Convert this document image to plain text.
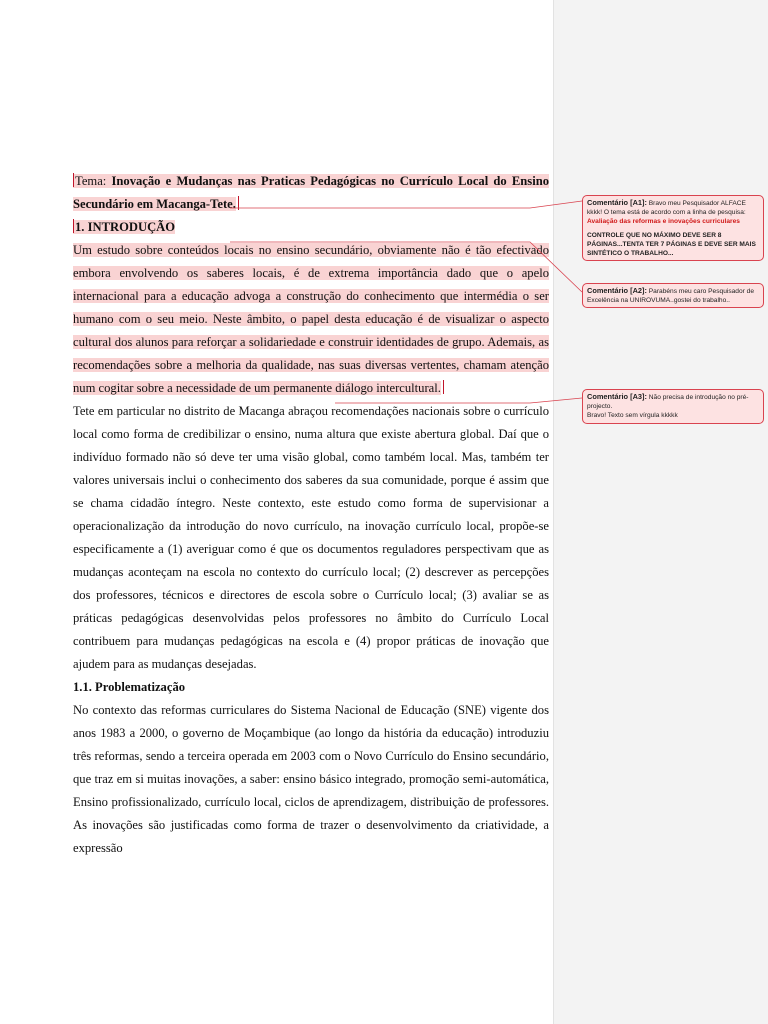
Tema: Inovação e Mudanças nas Praticas Pedagógicas no Currículo Local do Ensino Secundário em Macanga-Tete.

1. INTRODUÇÃO

Um estudo sobre conteúdos locais no ensino secundário, obviamente não é tão efectivado embora envolvendo os saberes locais, é de extrema importância dado que o apelo internacional para a educação advoga a construção do conhecimento que intermédia o ser humano com o seu meio. Neste âmbito, o papel desta educação é de visualizar o aspecto cultural dos alunos para reforçar a solidariedade e construir identidades de grupo. Ademais, as recomendações sobre a melhoria da qualidade, nas suas diversas vertentes, chamam atenção num cogitar sobre a necessidade de um permanente diálogo intercultural.

Tete em particular no distrito de Macanga abraçou recomendações nacionais sobre o currículo local como forma de credibilizar o ensino, numa altura que existe abertura global. Daí que o indivíduo formado não só deve ter uma visão global, como também local. Mas, também ter valores universais inclui o conhecimento dos saberes da sua comunidade, porque é assim que se chama cidadão íntegro. Neste contexto, este estudo como forma de supervisionar a operacionalização da introdução do novo currículo, na inovação currículo local, propõe-se especificamente a (1) averiguar como é que os documentos reguladores perspectivam que as mudanças aconteçam na escola no contexto do currículo local; (2) descrever as percepções dos professores, técnicos e directores de escola sobre o Currículo local; (3) avaliar se as práticas pedagógicas desenvolvidas pelos professores no âmbito do Currículo Local contribuem para mudanças pedagógicas na escola e (4) propor práticas de inovação que ajudem para as mudanças desejadas.

1.1. Problematização

No contexto das reformas curriculares do Sistema Nacional de Educação (SNE) vigente dos anos 1983 a 2000, o governo de Moçambique (ao longo da história da educação) introduziu três reformas, sendo a terceira operada em 2003 com o Novo Currículo do Ensino secundário, que traz em si muitas inovações, a saber: ensino básico integrado, promoção semi-automática, Ensino profissionalizado, currículo local, ciclos de aprendizagem, distribuição de professores. As inovações são justificadas como forma de trazer o desenvolvimento da criatividade, a expressão

Comentário [A1]: Bravo meu Pesquisador ALFACE kkkk! O tema está de acordo com a linha de pesquisa:
Avaliação das reformas e inovações curriculares
CONTROLE QUE NO MÁXIMO DEVE SER 8 PÁGINAS...TENTA TER 7 PÁGINAS E DEVE SER MAIS SINTÉTICO O TRABALHO...
Comentário [A2]: Parabéns meu caro Pesquisador de Excelência na UNIROVUMA..gostei do trabalho..
Comentário [A3]: Não precisa de introdução no pré-projecto.
Bravo! Texto sem vírgula kkkkk
